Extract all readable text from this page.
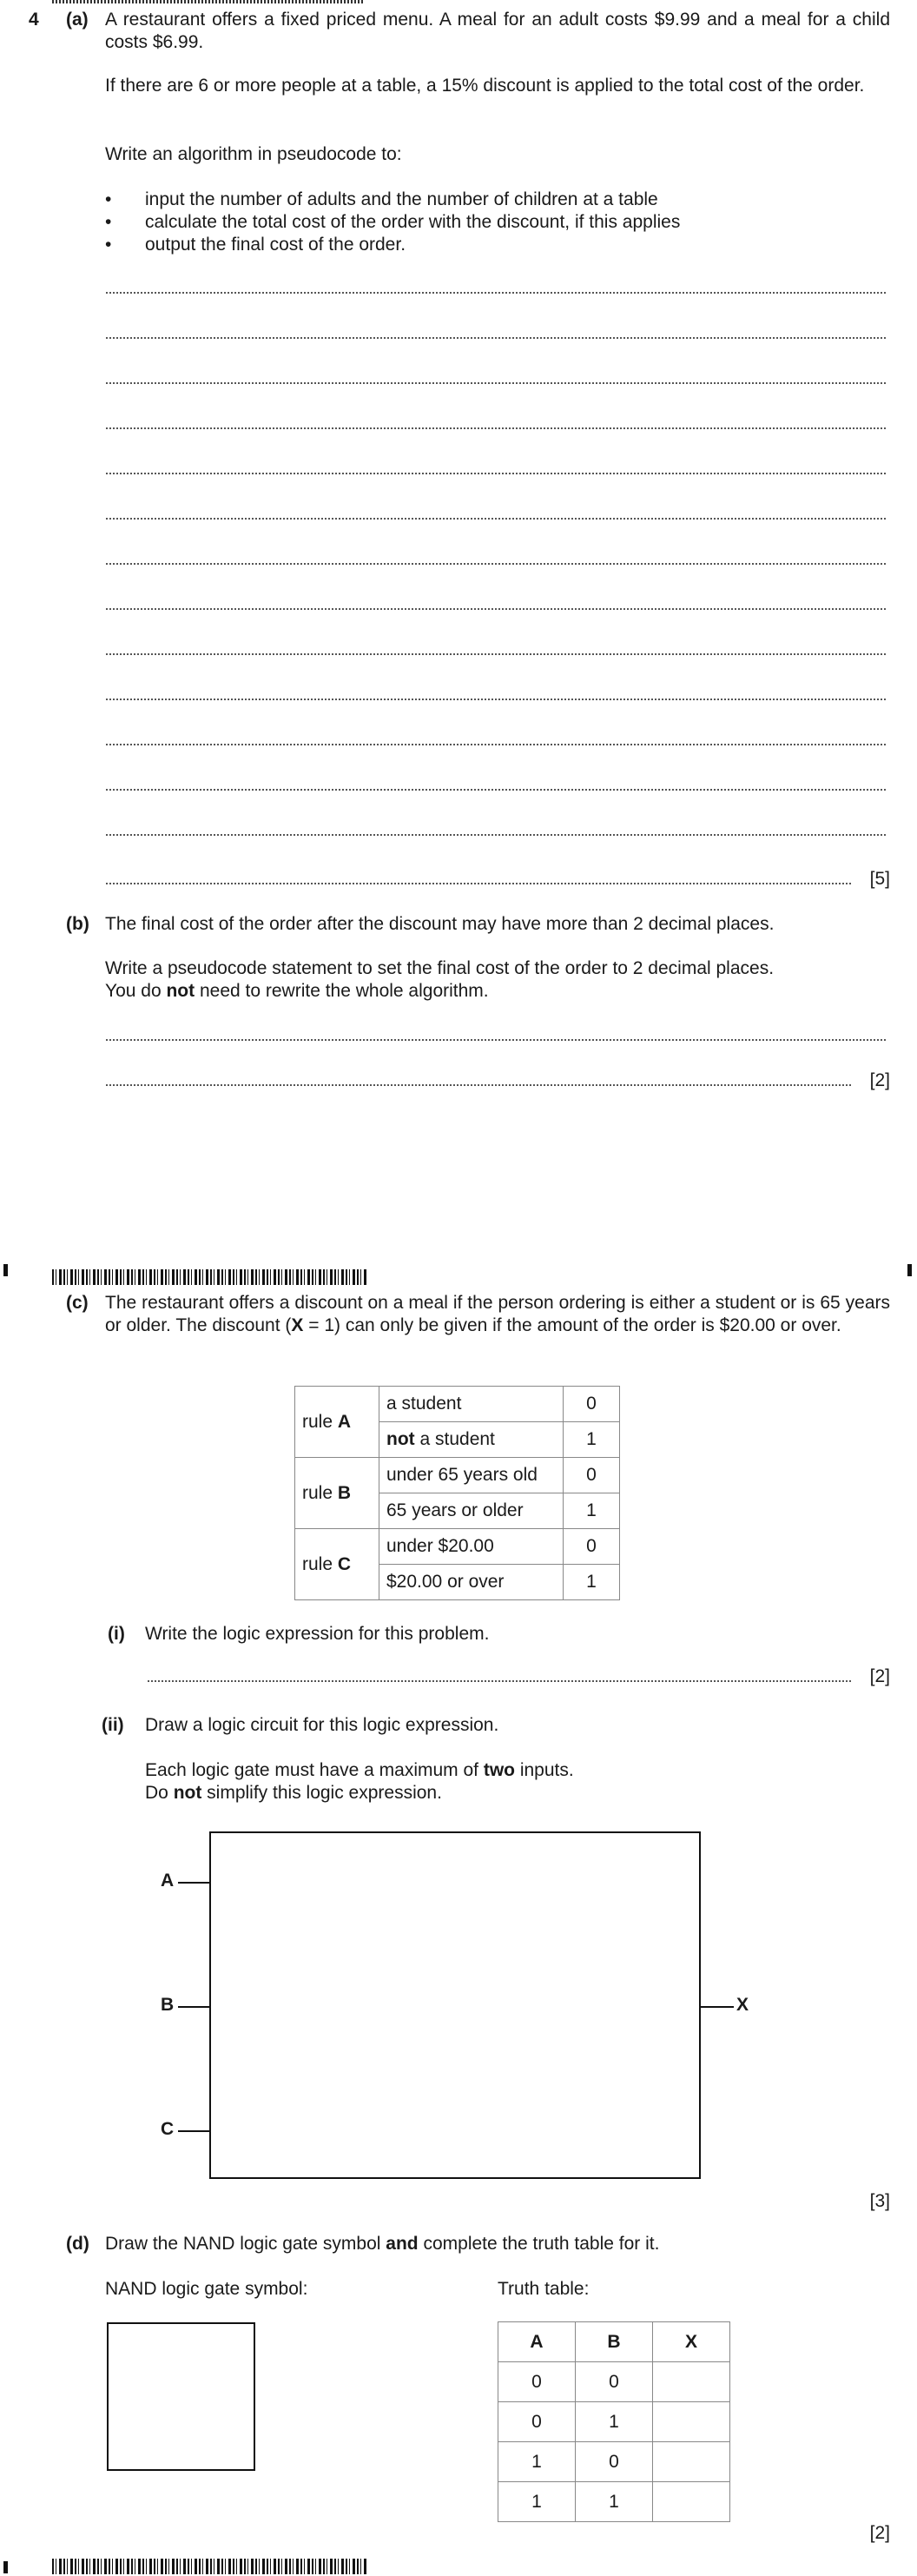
4 (a) A restaurant offers a fixed priced menu. A meal for an adult costs $9.99 and a meal for a child costs $6.99.
If there are 6 or more people at a table, a 15% discount is applied to the total cost of the order.
Write an algorithm in pseudocode to:
• input the number of adults and the number of children at a table
• calculate the total cost of the order with the discount, if this applies
• output the final cost of the order.
[5]
(b) The final cost of the order after the discount may have more than 2 decimal places.
Write a pseudocode statement to set the final cost of the order to 2 decimal places.
You do not need to rewrite the whole algorithm.
[2]
(c) The restaurant offers a discount on a meal if the person ordering is either a student or is 65 years or older. The discount (X = 1) can only be given if the amount of the order is $20.00 or over.
rule A	a student	0
	not a student	1
rule B	under 65 years old	0
	65 years or older	1
rule C	under $20.00	0
	$20.00 or over	1
(i) Write the logic expression for this problem.
[2]
(ii) Draw a logic circuit for this logic expression.
Each logic gate must have a maximum of two inputs.
Do not simplify this logic expression.
A
B
C
X
[3]
(d) Draw the NAND logic gate symbol and complete the truth table for it.
NAND logic gate symbol:	Truth table:
A	B	X
0	0	
0	1	
1	0	
1	1	
[2]
